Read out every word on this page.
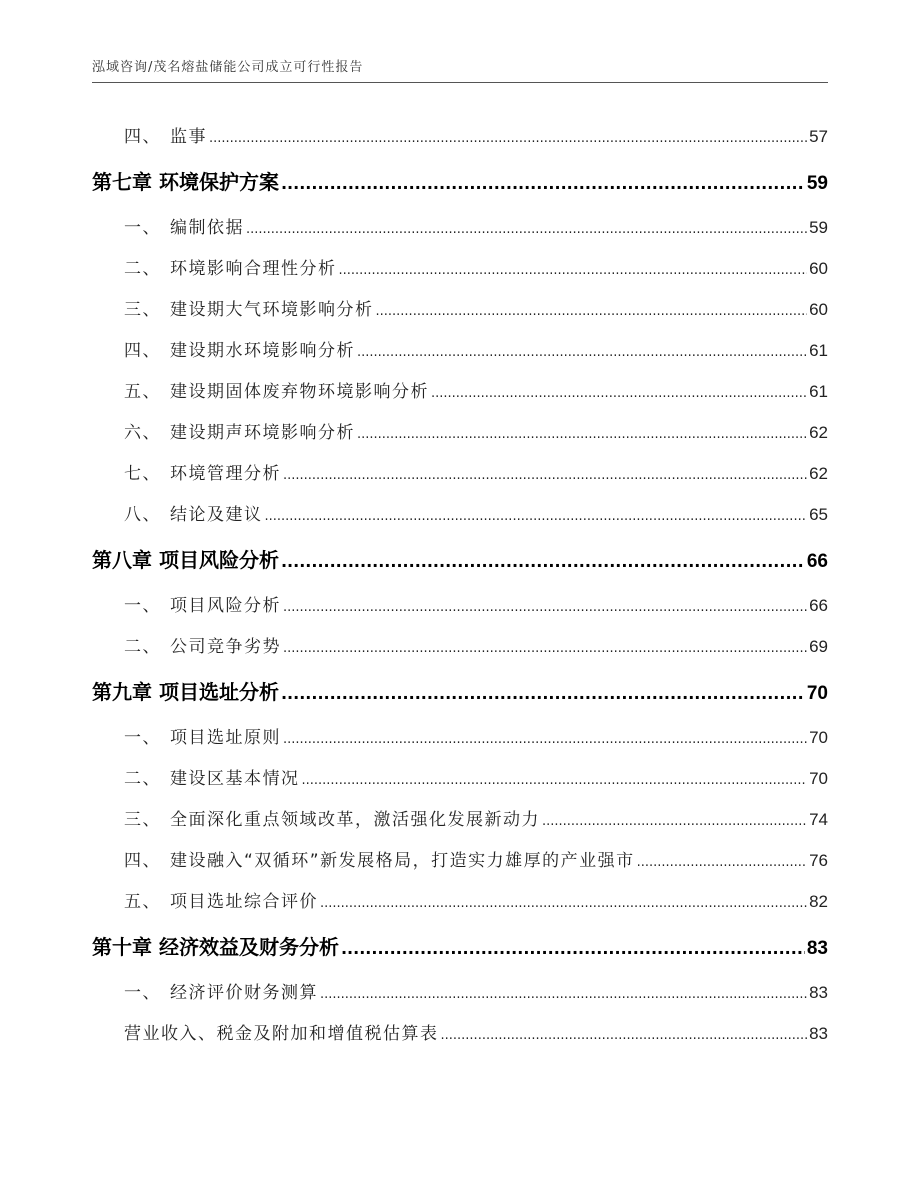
泓域咨询/茂名熔盐储能公司成立可行性报告
四、 监事 .....	57
第七章 环境保护方案 .....	59
一、 编制依据 .....	59
二、 环境影响合理性分析 .....	60
三、 建设期大气环境影响分析 .....	60
四、 建设期水环境影响分析 .....	61
五、 建设期固体废弃物环境影响分析 .....	61
六、 建设期声环境影响分析 .....	62
七、 环境管理分析 .....	62
八、 结论及建议 .....	65
第八章 项目风险分析 .....	66
一、 项目风险分析 .....	66
二、 公司竞争劣势 .....	69
第九章 项目选址分析 .....	70
一、 项目选址原则 .....	70
二、 建设区基本情况 .....	70
三、 全面深化重点领域改革，激活强化发展新动力 .....	74
四、 建设融入“双循环”新发展格局，打造实力雄厚的产业强市 .....	76
五、 项目选址综合评价 .....	82
第十章 经济效益及财务分析 .....	83
一、 经济评价财务测算 .....	83
营业收入、税金及附加和增值税估算表 .....	83
